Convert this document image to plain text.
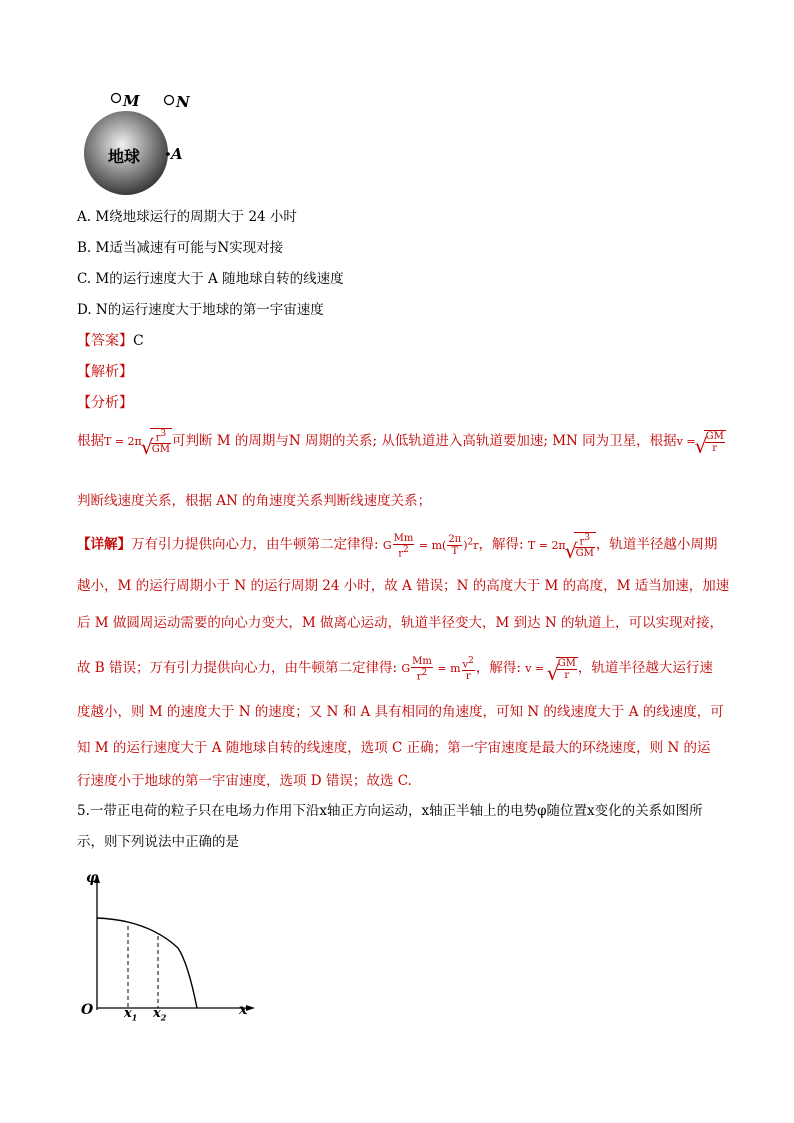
M N
A
地球
A. M绕地球运行的周期大于 24 小时
B. M适当减速有可能与N实现对接
C. M的运行速度大于 A 随地球自转的线速度
D. N的运行速度大于地球的第一宇宙速度
【答案】C
【解析】
【分析】
根据T = 2π √ $\frac{r3}{GM}$ 可判断 M 的周期与N 周期的关系; 从低轨道进入高轨道要加速; MN 同为卫星，根据v = √ $\frac{GM}{r}$
判断线速度关系，根据 AN 的角速度关系判断线速度关系；
【详解】万有引力提供向心力，由牛顿第二定律得: G $\frac{Mm}{r2} = m( \frac{2\pi}{T} )^2r$，解得: T = 2π √ $\frac{r3}{GM}$ ，轨道半径越小周期
越小，M 的运行周期小于 N 的运行周期 24 小时，故 A 错误；N 的高度大于 M 的高度，M 适当加速，加速
后 M 做圆周运动需要的向心力变大，M 做离心运动，轨道半径变大，M 到达 N 的轨道上，可以实现对接，
故 B 错误；万有引力提供向心力，由牛顿第二定律得: G $\frac{Mm}{r2} = m \frac{v2}{r}$ ，解得: v = √ $\frac{GM}{r}$ ，轨道半径越大运行速
度越小，则 M 的速度大于 N 的速度；又 N 和 A 具有相同的角速度，可知 N 的线速度大于 A 的线速度，可
知 M 的运行速度大于 A 随地球自转的线速度，选项 C 正确；第一宇宙速度是最大的环绕速度，则 N 的运
行速度小于地球的第一宇宙速度，选项 D 错误；故选 C.
5.一带正电荷的粒子只在电场力作用下沿x轴正方向运动，x轴正半轴上的电势φ随位置x变化的关系如图所
示，则下列说法中正确的是
φ
x
O $x_1$ $x_2$
